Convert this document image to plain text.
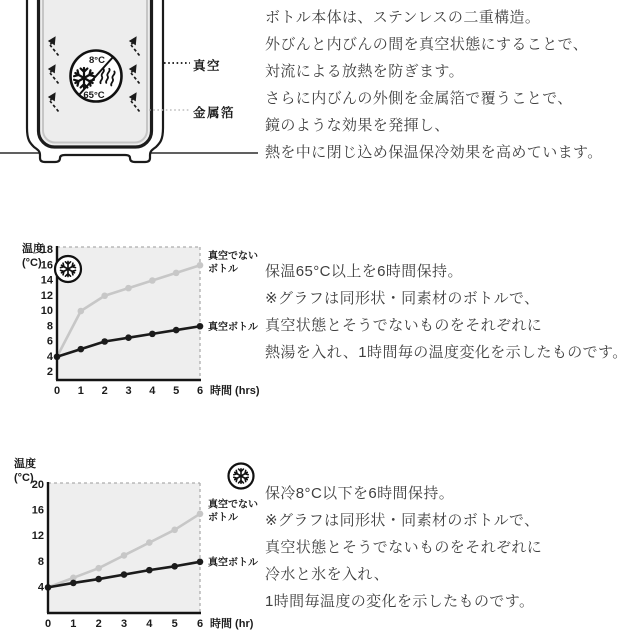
8°C
65°C
真空
金属箔
ボトル本体は、ステンレスの二重構造。
外びんと内びんの間を真空状態にすることで、
対流による放熱を防ぎます。
さらに内びんの外側を金属箔で覆うことで、
鏡のような効果を発揮し、
熱を中に閉じ込め保温保冷効果を高めています。
2
4
6
8
10
12
14
16
18
0 1 2 3 4 5 6
温度
(°C)
時間 (hrs)
真空でない
ボトル
真空ボトル
保温65°C以上を6時間保持。
※グラフは同形状・同素材のボトルで、
真空状態とそうでないものをそれぞれに
熱湯を入れ、1時間毎の温度変化を示したものです。
4
8
12
16
20
0 1 2 3 4 5 6
温度
(°C)
時間 (hr)
真空でない
ボトル
真空ボトル
保冷8°C以下を6時間保持。
※グラフは同形状・同素材のボトルで、
真空状態とそうでないものをそれぞれに
冷水と氷を入れ、
1時間毎温度の変化を示したものです。
